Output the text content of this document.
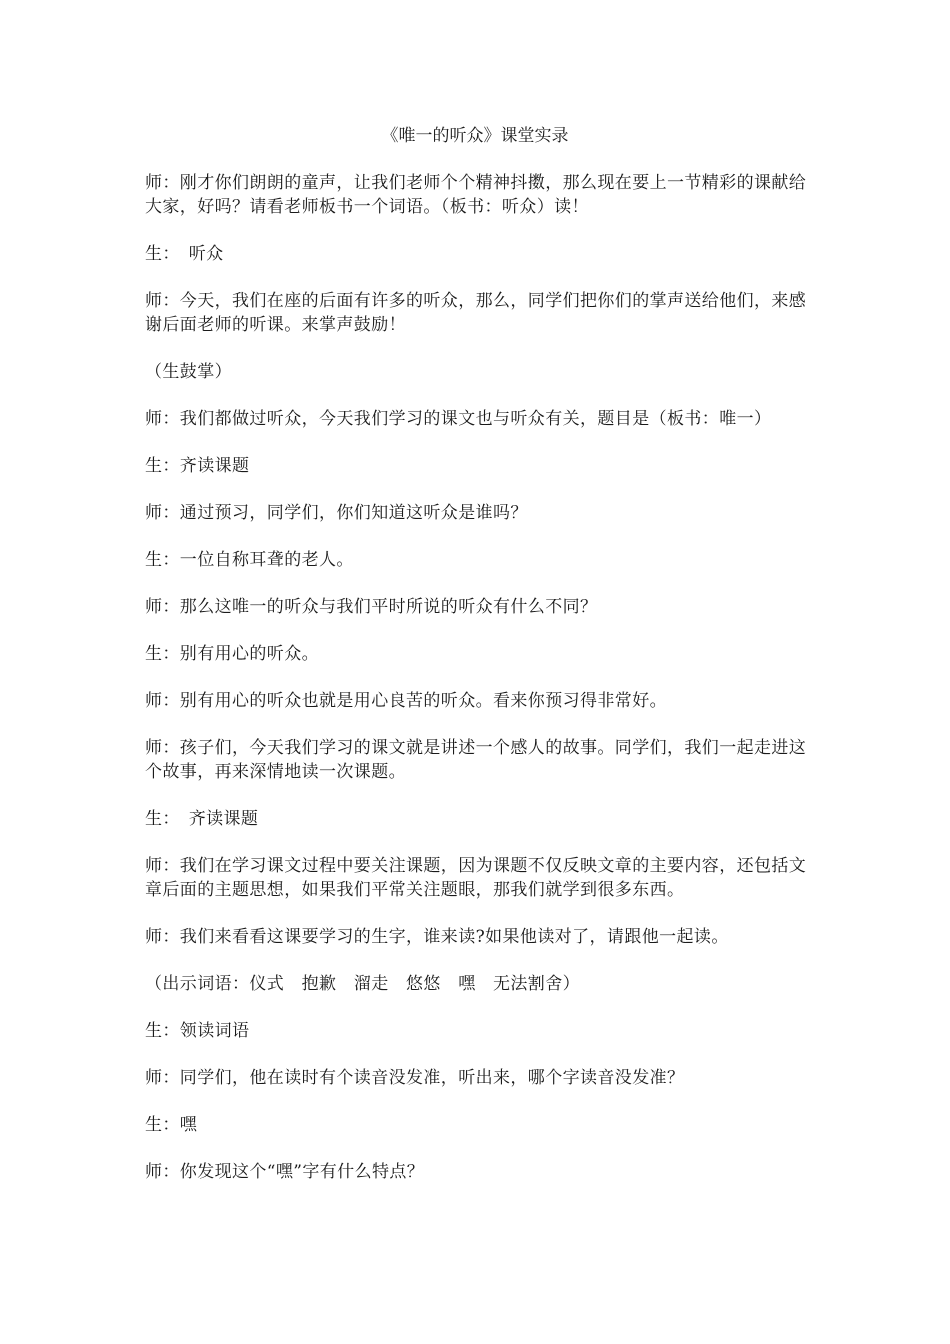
《唯一的听众》课堂实录

师：刚才你们朗朗的童声，让我们老师个个精神抖擞，那么现在要上一节精彩的课献给大家，好吗？请看老师板书一个词语。（板书：听众）读！

生：　听众

师：今天，我们在座的后面有许多的听众，那么，同学们把你们的掌声送给他们，来感谢后面老师的听课。来掌声鼓励！

（生鼓掌）

师：我们都做过听众，今天我们学习的课文也与听众有关，题目是（板书：唯一）

生：齐读课题

师：通过预习，同学们，你们知道这听众是谁吗？

生：一位自称耳聋的老人。

师：那么这唯一的听众与我们平时所说的听众有什么不同？

生：别有用心的听众。

师：别有用心的听众也就是用心良苦的听众。看来你预习得非常好。

师：孩子们，今天我们学习的课文就是讲述一个感人的故事。同学们，我们一起走进这个故事，再来深情地读一次课题。

生：　齐读课题

师：我们在学习课文过程中要关注课题，因为课题不仅反映文章的主要内容，还包括文章后面的主题思想，如果我们平常关注题眼，那我们就学到很多东西。

师：我们来看看这课要学习的生字，谁来读?如果他读对了，请跟他一起读。

（出示词语：仪式　抱歉　溜走　悠悠　嘿　无法割舍）

生：领读词语

师：同学们，他在读时有个读音没发准，听出来，哪个字读音没发准？

生：嘿

师：你发现这个“嘿”字有什么特点？
